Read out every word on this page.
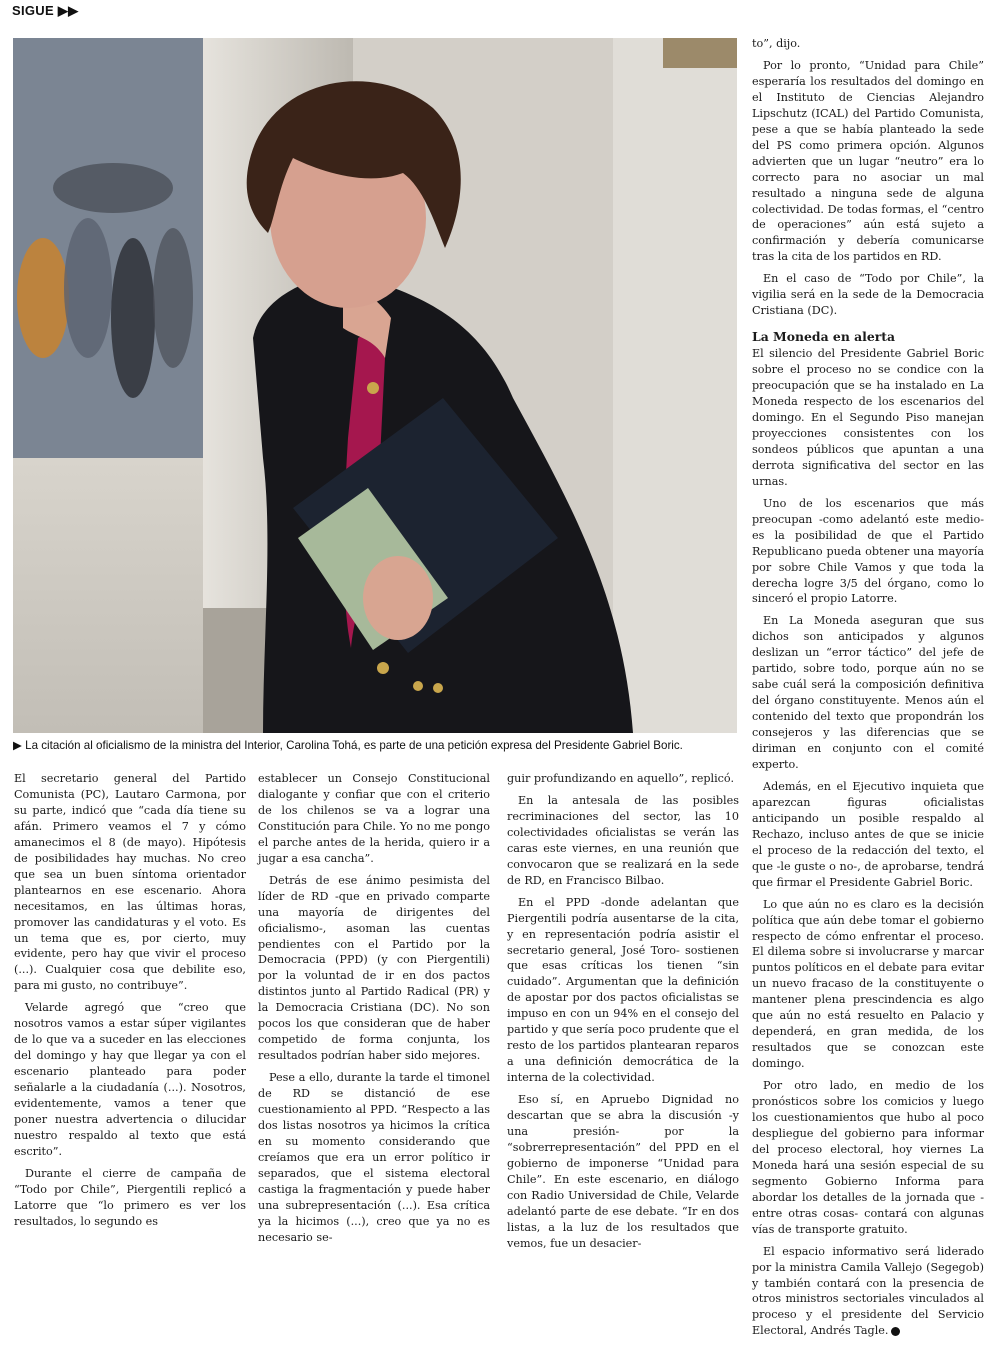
SIGUE ▶▶
▶ La citación al oficialismo de la ministra del Interior, Carolina Tohá, es parte de una petición expresa del Presidente Gabriel Boric.

El secretario general del Partido Comunista (PC), Lautaro Carmona, por su parte, indicó que “cada día tiene su afán. Primero veamos el 7 y cómo amanecimos el 8 (de mayo). Hipótesis de posibilidades hay muchas. No creo que sea un buen síntoma orientador plantearnos en ese escenario. Ahora necesitamos, en las últimas horas, promover las candidaturas y el voto. Es un tema que es, por cierto, muy evidente, pero hay que vivir el proceso (...). Cualquier cosa que debilite eso, para mi gusto, no contribuye”.

Velarde agregó que “creo que nosotros vamos a estar súper vigilantes de lo que va a suceder en las elecciones del domingo y hay que llegar ya con el escenario planteado para poder señalarle a la ciudadanía (...). Nosotros, evidentemente, vamos a tener que poner nuestra advertencia o dilucidar nuestro respaldo al texto que está escrito”.

Durante el cierre de campaña de “Todo por Chile”, Piergentili replicó a Latorre que “lo primero es ver los resultados, lo segundo es

establecer un Consejo Constitucional dialogante y confiar que con el criterio de los chilenos se va a lograr una Constitución para Chile. Yo no me pongo el parche antes de la herida, quiero ir a jugar a esa cancha”.

Detrás de ese ánimo pesimista del líder de RD -que en privado comparte una mayoría de dirigentes del oficialismo-, asoman las cuentas pendientes con el Partido por la Democracia (PPD) (y con Piergentili) por la voluntad de ir en dos pactos distintos junto al Partido Radical (PR) y la Democracia Cristiana (DC). No son pocos los que consideran que de haber competido de forma conjunta, los resultados podrían haber sido mejores.

Pese a ello, durante la tarde el timonel de RD se distanció de ese cuestionamiento al PPD. “Respecto a las dos listas nosotros ya hicimos la crítica en su momento considerando que creíamos que era un error político ir separados, que el sistema electoral castiga la fragmentación y puede haber una subrepresentación (...). Esa crítica ya la hicimos (...), creo que ya no es necesario se-

guir profundizando en aquello”, replicó.

En la antesala de las posibles recriminaciones del sector, las 10 colectividades oficialistas se verán las caras este viernes, en una reunión que convocaron que se realizará en la sede de RD, en Francisco Bilbao.

En el PPD -donde adelantan que Piergentili podría ausentarse de la cita, y en representación podría asistir el secretario general, José Toro- sostienen que esas críticas los tienen “sin cuidado”. Argumentan que la definición de apostar por dos pactos oficialistas se impuso en con un 94% en el consejo del partido y que sería poco prudente que el resto de los partidos plantearan reparos a una definición democrática de la interna de la colectividad.

Eso sí, en Apruebo Dignidad no descartan que se abra la discusión -y una presión- por la “sobrerrepresentación” del PPD en el gobierno de imponerse “Unidad para Chile”. En este escenario, en diálogo con Radio Universidad de Chile, Velarde adelantó parte de ese debate. “Ir en dos listas, a la luz de los resultados que vemos, fue un desacier-

to”, dijo.

Por lo pronto, “Unidad para Chile” esperaría los resultados del domingo en el Instituto de Ciencias Alejandro Lipschutz (ICAL) del Partido Comunista, pese a que se había planteado la sede del PS como primera opción. Algunos advierten que un lugar “neutro” era lo correcto para no asociar un mal resultado a ninguna sede de alguna colectividad. De todas formas, el “centro de operaciones” aún está sujeto a confirmación y debería comunicarse tras la cita de los partidos en RD.

En el caso de “Todo por Chile”, la vigilia será en la sede de la Democracia Cristiana (DC).

La Moneda en alerta

El silencio del Presidente Gabriel Boric sobre el proceso no se condice con la preocupación que se ha instalado en La Moneda respecto de los escenarios del domingo. En el Segundo Piso manejan proyecciones consistentes con los sondeos públicos que apuntan a una derrota significativa del sector en las urnas.

Uno de los escenarios que más preocupan -como adelantó este medio- es la posibilidad de que el Partido Republicano pueda obtener una mayoría por sobre Chile Vamos y que toda la derecha logre 3/5 del órgano, como lo sinceró el propio Latorre.

En La Moneda aseguran que sus dichos son anticipados y algunos deslizan un “error táctico” del jefe de partido, sobre todo, porque aún no se sabe cuál será la composición definitiva del órgano constituyente. Menos aún el contenido del texto que propondrán los consejeros y las diferencias que se diriman en conjunto con el comité experto.

Además, en el Ejecutivo inquieta que aparezcan figuras oficialistas anticipando un posible respaldo al Rechazo, incluso antes de que se inicie el proceso de la redacción del texto, el que -le guste o no-, de aprobarse, tendrá que firmar el Presidente Gabriel Boric.

Lo que aún no es claro es la decisión política que aún debe tomar el gobierno respecto de cómo enfrentar el proceso. El dilema sobre si involucrarse y marcar puntos políticos en el debate para evitar un nuevo fracaso de la constituyente o mantener plena prescindencia es algo que aún no está resuelto en Palacio y dependerá, en gran medida, de los resultados que se conozcan este domingo.

Por otro lado, en medio de los pronósticos sobre los comicios y luego los cuestionamientos que hubo al poco despliegue del gobierno para informar del proceso electoral, hoy viernes La Moneda hará una sesión especial de su segmento Gobierno Informa para abordar los detalles de la jornada que -entre otras cosas- contará con algunas vías de transporte gratuito.

El espacio informativo será liderado por la ministra Camila Vallejo (Segegob) y también contará con la presencia de otros ministros sectoriales vinculados al proceso y el presidente del Servicio Electoral, Andrés Tagle.
